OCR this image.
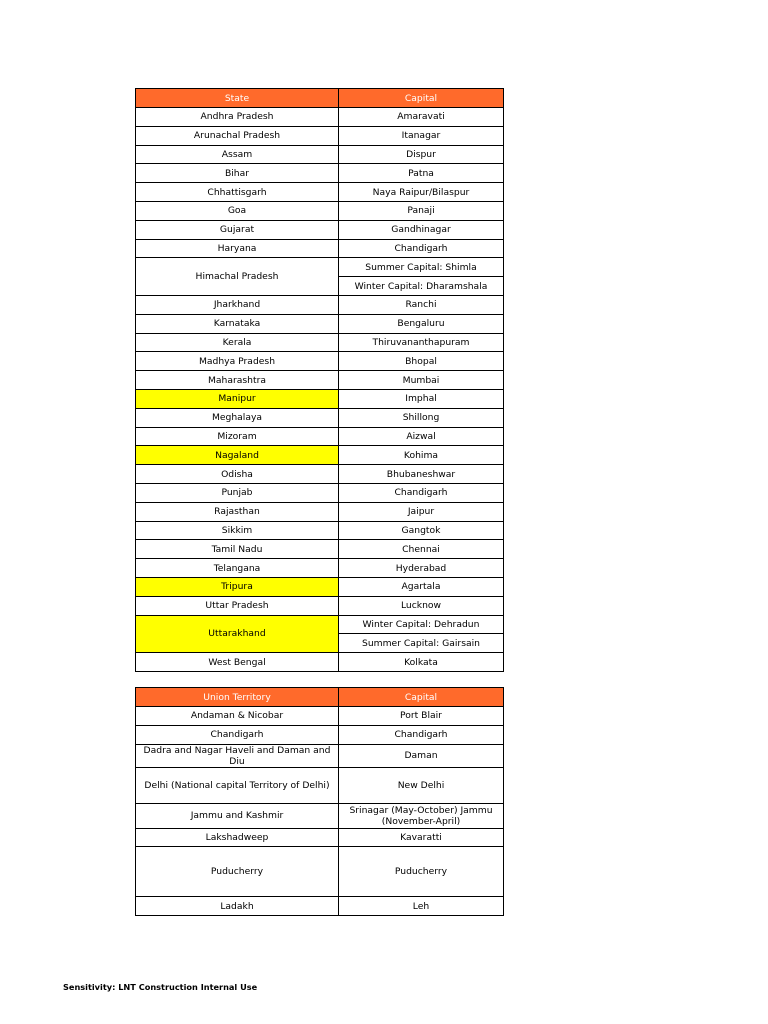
State	Capital
Andhra Pradesh	Amaravati
Arunachal Pradesh	Itanagar
Assam	Dispur
Bihar	Patna
Chhattisgarh	Naya Raipur/Bilaspur
Goa	Panaji
Gujarat	Gandhinagar
Haryana	Chandigarh
Himachal Pradesh	Summer Capital: Shimla
	Winter Capital: Dharamshala
Jharkhand	Ranchi
Karnataka	Bengaluru
Kerala	Thiruvananthapuram
Madhya Pradesh	Bhopal
Maharashtra	Mumbai
Manipur	Imphal
Meghalaya	Shillong
Mizoram	Aizwal
Nagaland	Kohima
Odisha	Bhubaneshwar
Punjab	Chandigarh
Rajasthan	Jaipur
Sikkim	Gangtok
Tamil Nadu	Chennai
Telangana	Hyderabad
Tripura	Agartala
Uttar Pradesh	Lucknow
Uttarakhand	Winter Capital: Dehradun
	Summer Capital: Gairsain
West Bengal	Kolkata
Union Territory	Capital
Andaman & Nicobar	Port Blair
Chandigarh	Chandigarh
Dadra and Nagar Haveli and Daman and Diu	Daman
Delhi (National capital Territory of Delhi)	New Delhi
Jammu and Kashmir	Srinagar (May-October) Jammu (November-April)
Lakshadweep	Kavaratti
Puducherry	Puducherry
Ladakh	Leh
Sensitivity: LNT Construction Internal Use
